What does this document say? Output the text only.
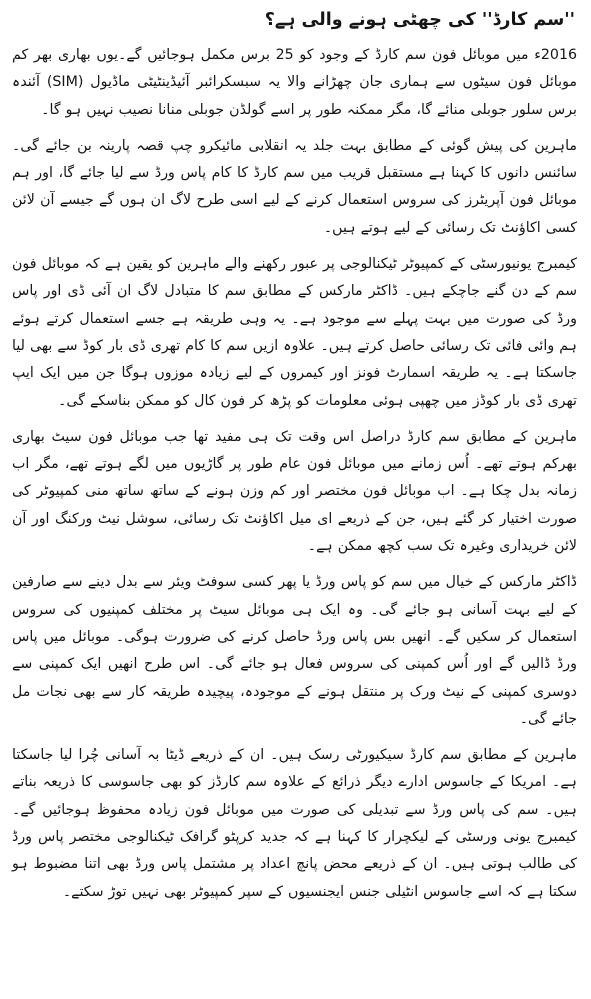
''سم کارڈ'' کی چھٹی ہونے والی ہے؟

2016ء میں موبائل فون سم کارڈ کے وجود کو 25 برس مکمل ہوجائیں گے۔یوں بھاری بھر کم موبائل فون سیٹوں سے ہماری جان چھڑانے والا یہ سبسکرائبر آئیڈینٹیٹی ماڈیول (SIM) آئندہ برس سلور جوبلی منائے گا، مگر ممکنہ طور پر اسے گولڈن جوبلی منانا نصیب نہیں ہو گا۔

ماہرین کی پیش گوئی کے مطابق بہت جلد یہ انقلابی مائیکرو چپ قصہ پارینہ بن جائے گی۔ سائنس دانوں کا کہنا ہے مستقبل قریب میں سم کارڈ کا کام پاس ورڈ سے لیا جائے گا، اور ہم موبائل فون آپریٹرز کی سروس استعمال کرنے کے لیے اسی طرح لاگ ان ہوں گے جیسے آن لائن کسی اکاؤنٹ تک رسائی کے لیے ہوتے ہیں۔

کیمبرج یونیورسٹی کے کمپیوٹر ٹیکنالوجی پر عبور رکھنے والے ماہرین کو یقین ہے کہ موبائل فون سم کے دن گنے جاچکے ہیں۔ ڈاکٹر مارکس کے مطابق سم کا متبادل لاگ ان آئی ڈی اور پاس ورڈ کی صورت میں بہت پہلے سے موجود ہے۔ یہ وہی طریقہ ہے جسے استعمال کرتے ہوئے ہم وائی فائی تک رسائی حاصل کرتے ہیں۔ علاوہ ازیں سم کا کام تھری ڈی بار کوڈ سے بھی لیا جاسکتا ہے۔ یہ طریقہ اسمارٹ فونز اور کیمروں کے لیے زیادہ موزوں ہوگا جن میں ایک ایپ تھری ڈی بار کوڈز میں چھپی ہوئی معلومات کو پڑھ کر فون کال کو ممکن بناسکے گی۔

ماہرین کے مطابق سم کارڈ دراصل اس وقت تک ہی مفید تھا جب موبائل فون سیٹ بھاری بھرکم ہوتے تھے۔ اُس زمانے میں موبائل فون عام طور پر گاڑیوں میں لگے ہوتے تھے، مگر اب زمانہ بدل چکا ہے۔ اب موبائل فون مختصر اور کم وزن ہونے کے ساتھ ساتھ منی کمپیوٹر کی صورت اختیار کر گئے ہیں، جن کے ذریعے ای میل اکاؤنٹ تک رسائی، سوشل نیٹ ورکنگ اور آن لائن خریداری وغیرہ تک سب کچھ ممکن ہے۔

ڈاکٹر مارکس کے خیال میں سم کو پاس ورڈ یا پھر کسی سوفٹ ویئر سے بدل دینے سے صارفین کے لیے بہت آسانی ہو جائے گی۔ وہ ایک ہی موبائل سیٹ پر مختلف کمپنیوں کی سروس استعمال کر سکیں گے۔ انھیں بس پاس ورڈ حاصل کرنے کی ضرورت ہوگی۔ موبائل میں پاس ورڈ ڈالیں گے اور اُس کمپنی کی سروس فعال ہو جائے گی۔ اس طرح انھیں ایک کمپنی سے دوسری کمپنی کے نیٹ ورک پر منتقل ہونے کے موجودہ، پیچیدہ طریقہ کار سے بھی نجات مل جائے گی۔

ماہرین کے مطابق سم کارڈ سیکیورٹی رسک ہیں۔ ان کے ذریعے ڈیٹا بہ آسانی چُرا لیا جاسکتا ہے۔ امریکا کے جاسوس ادارے دیگر ذرائع کے علاوہ سم کارڈز کو بھی جاسوسی کا ذریعہ بناتے ہیں۔ سم کی پاس ورڈ سے تبدیلی کی صورت میں موبائل فون زیادہ محفوظ ہوجائیں گے۔ کیمبرج یونی ورسٹی کے لیکچرار کا کہنا ہے کہ جدید کرپٹو گرافک ٹیکنالوجی مختصر پاس ورڈ کی طالب ہوتی ہیں۔ ان کے ذریعے محض پانچ اعداد پر مشتمل پاس ورڈ بھی اتنا مضبوط ہو سکتا ہے کہ اسے جاسوس انٹیلی جنس ایجنسیوں کے سپر کمپیوٹر بھی نہیں توڑ سکتے۔
